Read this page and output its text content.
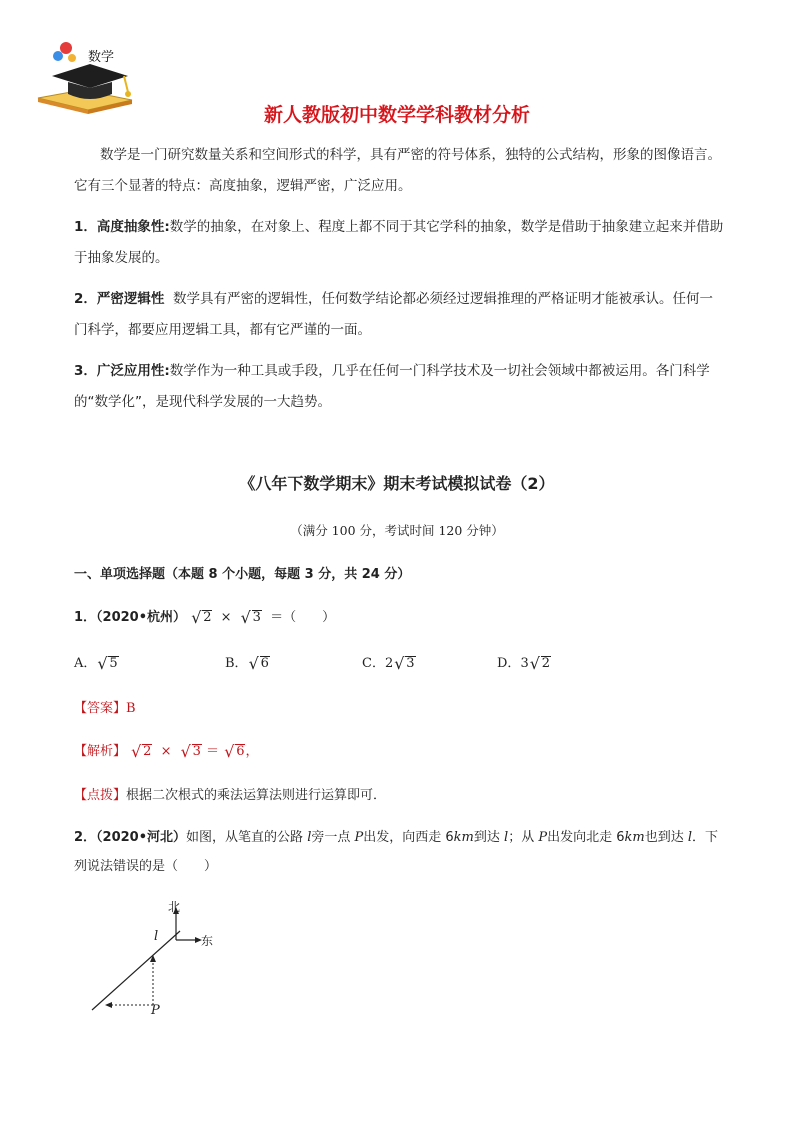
数学
新人教版初中数学学科教材分析
数学是一门研究数量关系和空间形式的科学，具有严密的符号体系，独特的公式结构，形象的图像语言。它有三个显著的特点：高度抽象，逻辑严密，广泛应用。
1．高度抽象性:数学的抽象，在对象上、程度上都不同于其它学科的抽象，数学是借助于抽象建立起来并借助于抽象发展的。
2．严密逻辑性 数学具有严密的逻辑性，任何数学结论都必须经过逻辑推理的严格证明才能被承认。任何一门科学，都要应用逻辑工具，都有它严谨的一面。
3．广泛应用性:数学作为一种工具或手段，几乎在任何一门科学技术及一切社会领域中都被运用。各门科学的“数学化”，是现代科学发展的一大趋势。
《八年下数学期末》期末考试模拟试卷（2）
（满分 100 分，考试时间 120 分钟）
一、单项选择题（本题 8 个小题，每题 3 分，共 24 分）
1．（2020•杭州） √ 2 × √ 3 ＝（　　）
A． √ 5	B． √ 6	C．2 √ 3	D．3 √ 2
【答案】B
【解析】 √ 2 × √ 3 ＝ √ 6，
【点拨】根据二次根式的乘法运算法则进行运算即可．
2．（2020•河北）如图，从笔直的公路 l旁一点 P出发，向西走 6km到达 l；从 P出发向北走 6km也到达 l．下列说法错误的是（　　）
北
东
l
P
